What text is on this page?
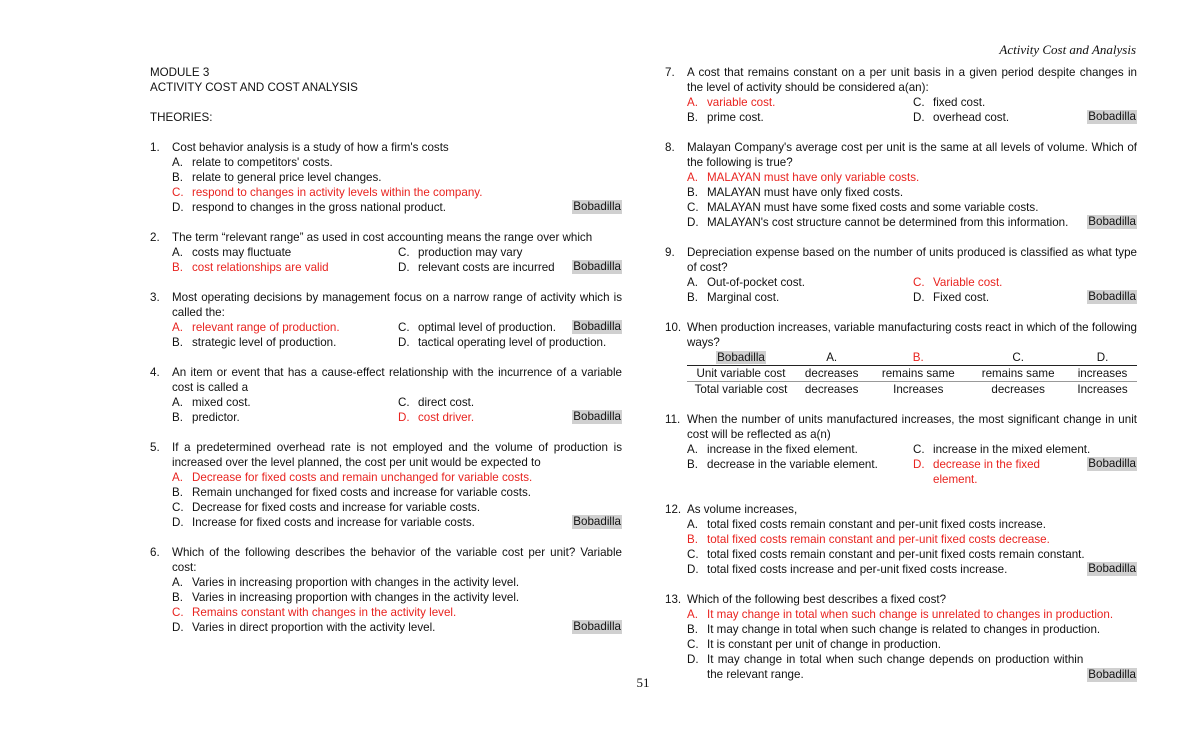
Activity Cost and Analysis
MODULE 3
ACTIVITY COST AND COST ANALYSIS
THEORIES:
1.	Cost behavior analysis is a study of how a firm's costs
A. relate to competitors' costs.
B. relate to general price level changes.
C. respond to changes in activity levels within the company.
D. respond to changes in the gross national product.	Bobadilla
2.	The term “relevant range” as used in cost accounting means the range over which
A. costs may fluctuate	C. production may vary
B. cost relationships are valid	D. relevant costs are incurred Bobadilla
3.	Most operating decisions by management focus on a narrow range of activity which is called the:
A. relevant range of production.	C. optimal level of production. Bobadilla
B. strategic level of production.	D. tactical operating level of production.
4.	An item or event that has a cause-effect relationship with the incurrence of a variable cost is called a
A. mixed cost.	C. direct cost.
B. predictor.	D. cost driver.	Bobadilla
5.	If a predetermined overhead rate is not employed and the volume of production is increased over the level planned, the cost per unit would be expected to
A. Decrease for fixed costs and remain unchanged for variable costs.
B. Remain unchanged for fixed costs and increase for variable costs.
C. Decrease for fixed costs and increase for variable costs.
D. Increase for fixed costs and increase for variable costs.	Bobadilla
6.	Which of the following describes the behavior of the variable cost per unit? Variable cost:
A. Varies in increasing proportion with changes in the activity level.
B. Varies in increasing proportion with changes in the activity level.
C. Remains constant with changes in the activity level.
D. Varies in direct proportion with the activity level.	Bobadilla
7.	A cost that remains constant on a per unit basis in a given period despite changes in the level of activity should be considered a(an):
A. variable cost.	C. fixed cost.
B. prime cost.	D. overhead cost.	Bobadilla
8.	Malayan Company's average cost per unit is the same at all levels of volume. Which of the following is true?
A. MALAYAN must have only variable costs.
B. MALAYAN must have only fixed costs.
C. MALAYAN must have some fixed costs and some variable costs.
D. MALAYAN's cost structure cannot be determined from this information. Bobadilla
9.	Depreciation expense based on the number of units produced is classified as what type of cost?
A. Out-of-pocket cost.	C. Variable cost.
B. Marginal cost.	D. Fixed cost.	Bobadilla
10. When production increases, variable manufacturing costs react in which of the following ways?
Bobadilla	A.	B.	C.	D.
Unit variable cost	decreases	remains same	remains same	increases
Total variable cost	decreases	Increases	decreases	Increases
11. When the number of units manufactured increases, the most significant change in unit cost will be reflected as a(n)
A. increase in the fixed element.	C. increase in the mixed element.
B. decrease in the variable element.	D. decrease in the fixed element.
Bobadilla
12. As volume increases,
A. total fixed costs remain constant and per-unit fixed costs increase.
B. total fixed costs remain constant and per-unit fixed costs decrease.
C. total fixed costs remain constant and per-unit fixed costs remain constant.
D. total fixed costs increase and per-unit fixed costs increase.	Bobadilla
13. Which of the following best describes a fixed cost?
A. It may change in total when such change is unrelated to changes in production.
B. It may change in total when such change is related to changes in production.
C. It is constant per unit of change in production.
D. It may change in total when such change depends on production within the relevant range.	Bobadilla
51
